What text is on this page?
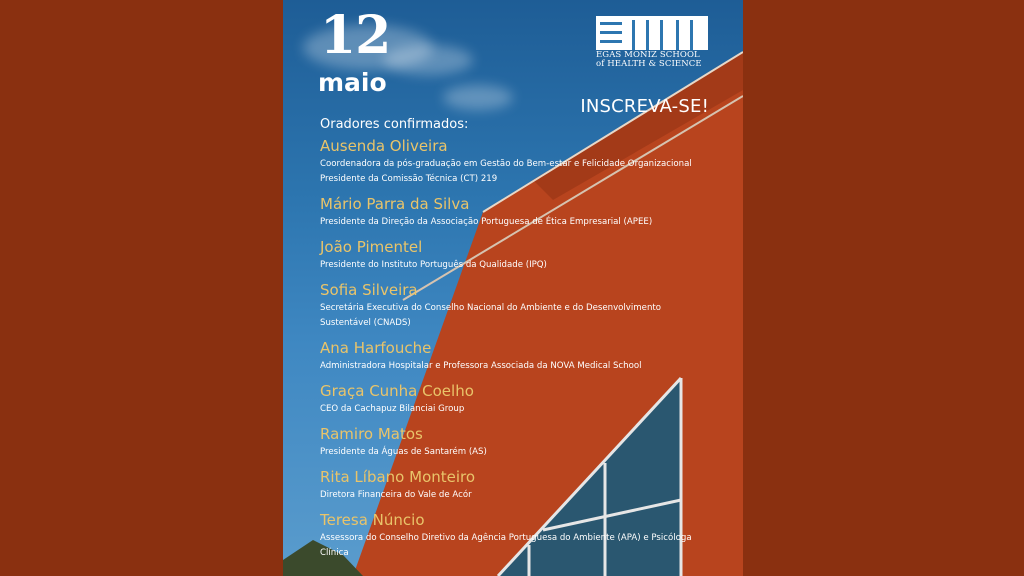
12
maio
EGAS MONIZ SCHOOL
of HEALTH & SCIENCE
INSCREVA-SE!
Oradores confirmados:
Ausenda Oliveira
Coordenadora da pós-graduação em Gestão do Bem-estar e Felicidade Organizacional
Presidente da Comissão Técnica (CT) 219
Mário Parra da Silva
Presidente da Direção da Associação Portuguesa de Ética Empresarial (APEE)
João Pimentel
Presidente do Instituto Português da Qualidade (IPQ)
Sofia Silveira
Secretária Executiva do Conselho Nacional do Ambiente e do Desenvolvimento
Sustentável (CNADS)
Ana Harfouche
Administradora Hospitalar e Professora Associada da NOVA Medical School
Graça Cunha Coelho
CEO da Cachapuz Bilanciai Group
Ramiro Matos
Presidente da Águas de Santarém (AS)
Rita Líbano Monteiro
Diretora Financeira do Vale de Acór
Teresa Núncio
Assessora do Conselho Diretivo da Agência Portuguesa do Ambiente (APA) e Psicóloga
Clínica
